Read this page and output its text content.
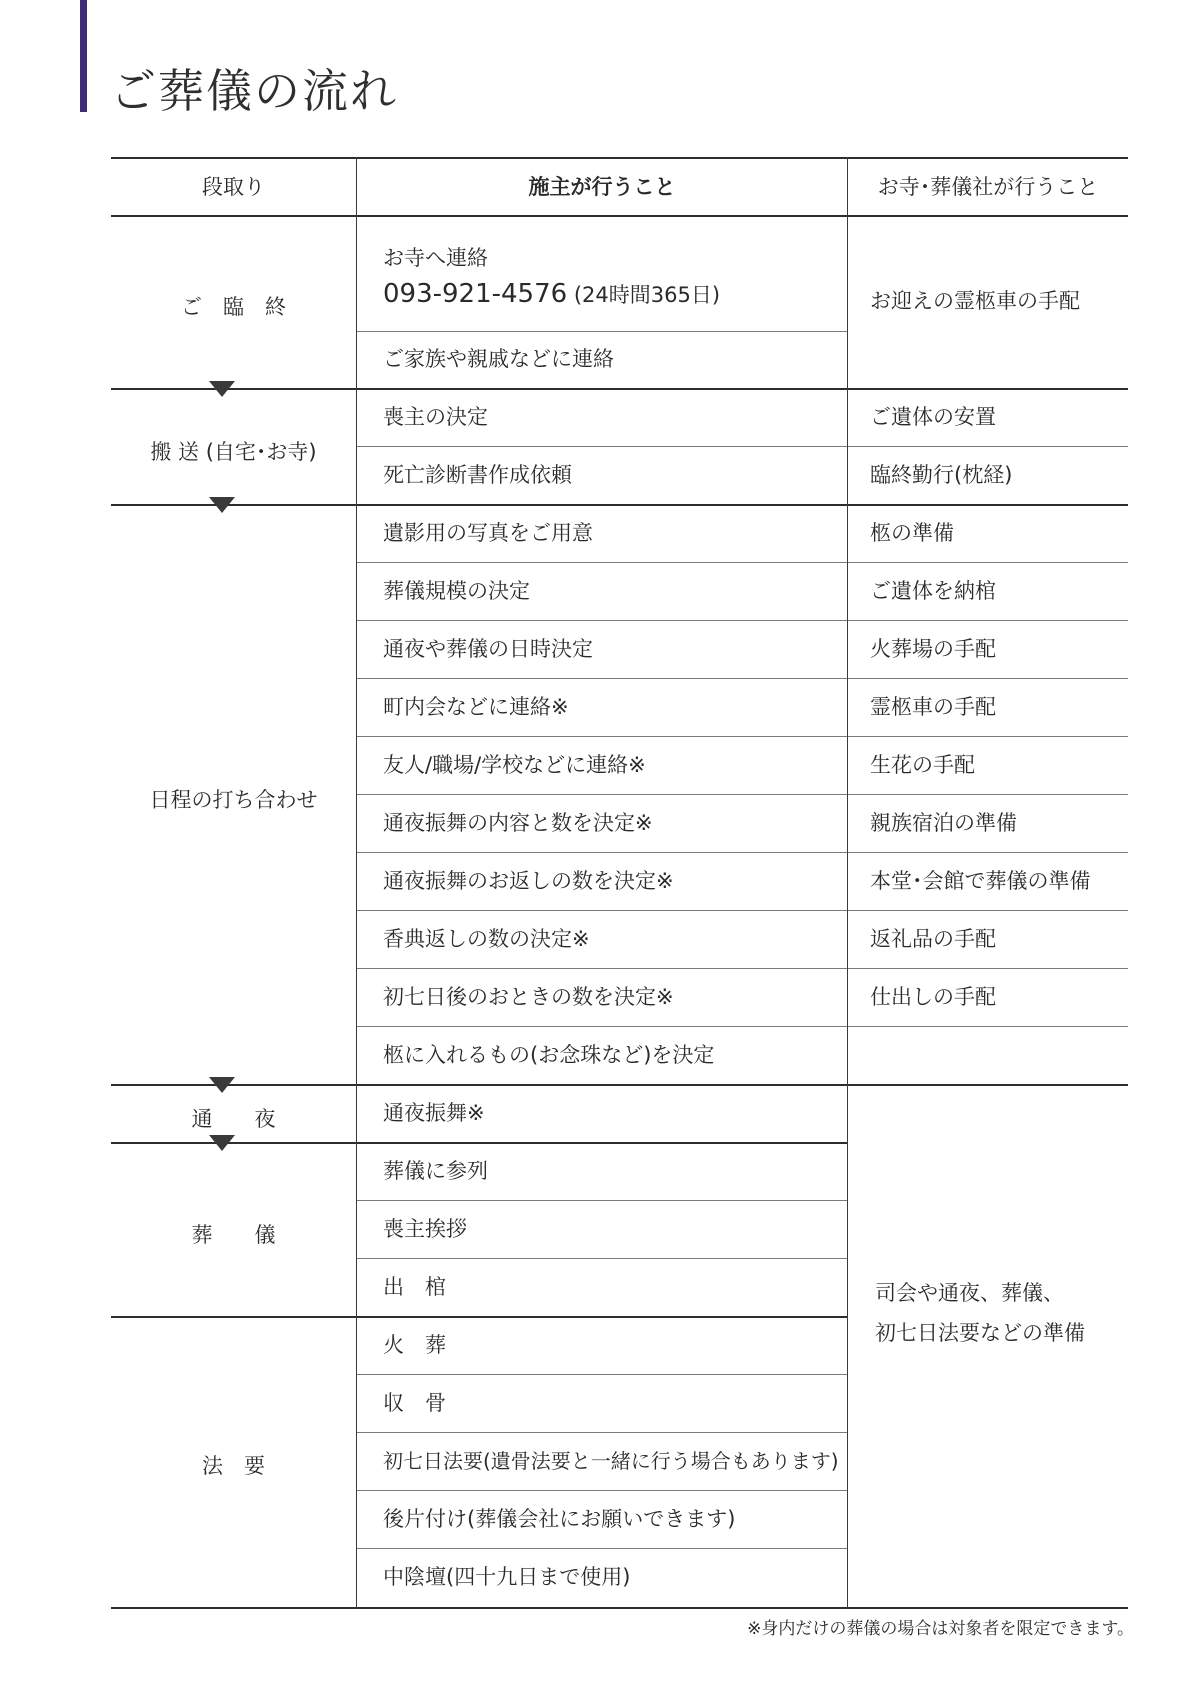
ご葬儀の流れ
段取り	施主が行うこと	お寺･葬儀社が行うこと
ご　臨　終
搬 送 (自宅･お寺)
日程の打ち合わせ
通　　夜
葬　　儀
法　要
お寺へ連絡
093-921-4576 (24時間365日)
ご家族や親戚などに連絡
喪主の決定
死亡診断書作成依頼
遺影用の写真をご用意
葬儀規模の決定
通夜や葬儀の日時決定
町内会などに連絡※
友人/職場/学校などに連絡※
通夜振舞の内容と数を決定※
通夜振舞のお返しの数を決定※
香典返しの数の決定※
初七日後のおときの数を決定※
柩に入れるもの(お念珠など)を決定
通夜振舞※
葬儀に参列
喪主挨拶
出　棺
火　葬
収　骨
初七日法要(遺骨法要と一緒に行う場合もあります)
後片付け(葬儀会社にお願いできます)
中陰壇(四十九日まで使用)
お迎えの霊柩車の手配
ご遺体の安置
臨終勤行(枕経)
柩の準備
ご遺体を納棺
火葬場の手配
霊柩車の手配
生花の手配
親族宿泊の準備
本堂･会館で葬儀の準備
返礼品の手配
仕出しの手配
司会や通夜、葬儀、
初七日法要などの準備
※身内だけの葬儀の場合は対象者を限定できます。
